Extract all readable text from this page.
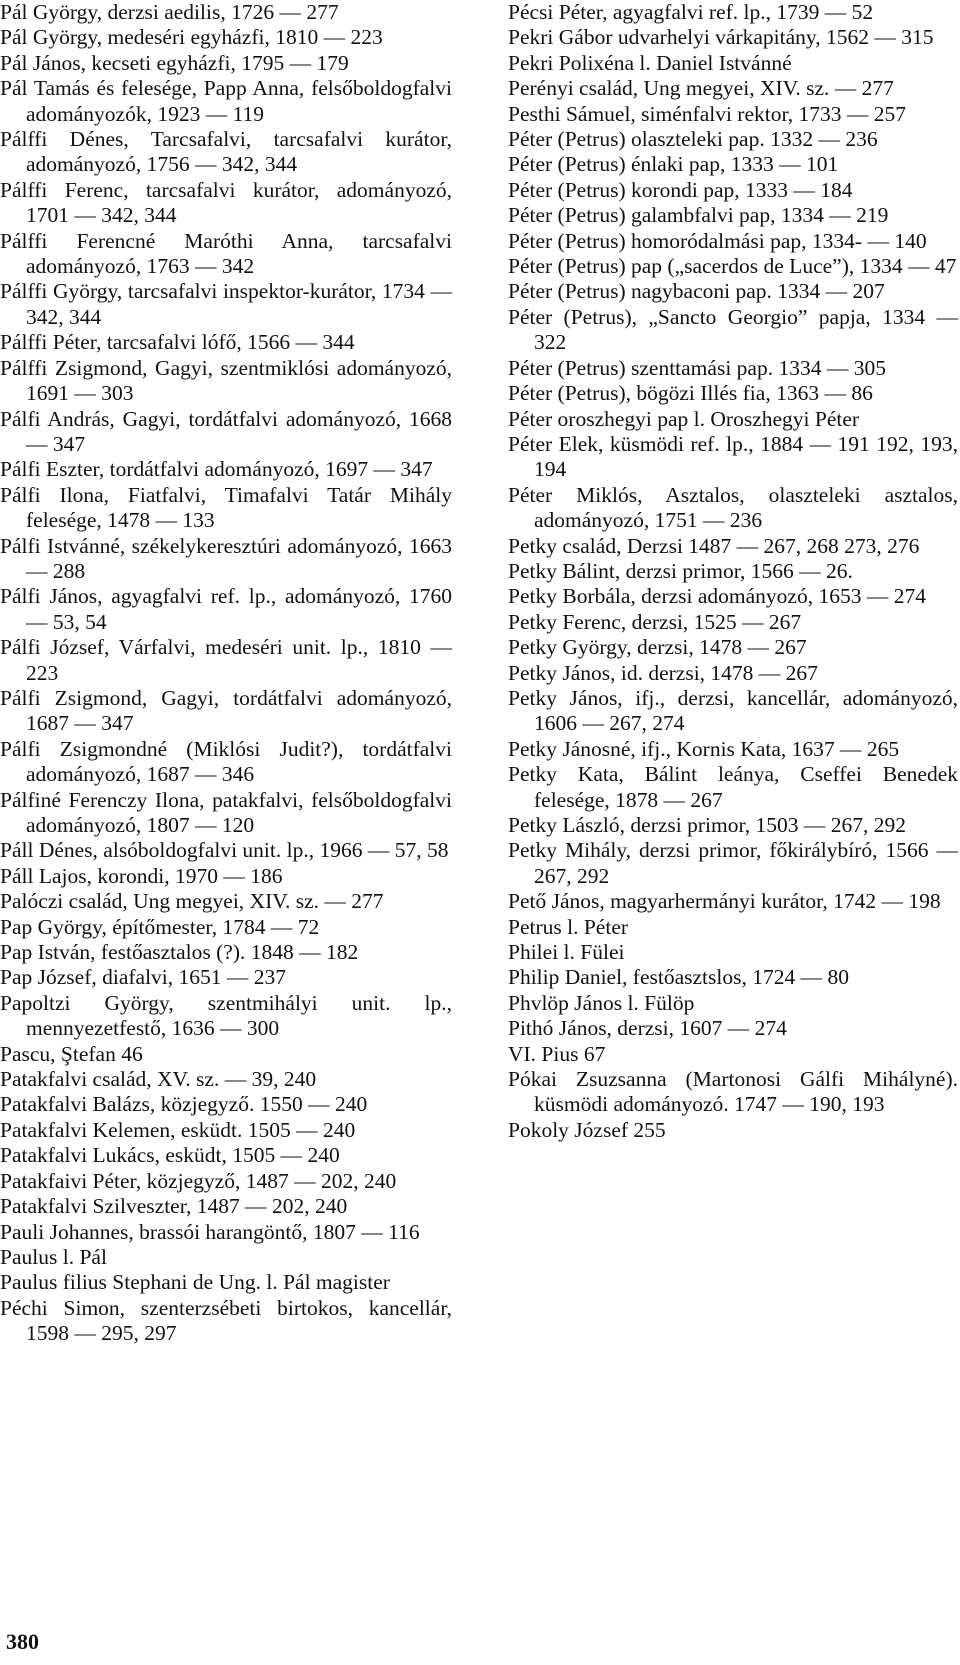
Pál György, derzsi aedilis, 1726 — 277

Pál György, medeséri egyházfi, 1810 — 223

Pál János, kecseti egyházfi, 1795 — 179

Pál Tamás és felesége, Papp Anna, felsőboldogfalvi adományozók, 1923 — 119

Pálffi Dénes, Tarcsafalvi, tarcsafalvi kurátor, adományozó, 1756 — 342, 344

Pálffi Ferenc, tarcsafalvi kurátor, adományozó, 1701 — 342, 344

Pálffi Ferencné Maróthi Anna, tarcsafalvi adományozó, 1763 — 342

Pálffi György, tarcsafalvi inspektor-kurátor, 1734 — 342, 344

Pálffi Péter, tarcsafalvi lófő, 1566 — 344

Pálffi Zsigmond, Gagyi, szentmiklósi adományozó, 1691 — 303

Pálfi András, Gagyi, tordátfalvi adományozó, 1668 — 347

Pálfi Eszter, tordátfalvi adományozó, 1697 — 347

Pálfi Ilona, Fiatfalvi, Timafalvi Tatár Mihály felesége, 1478 — 133

Pálfi Istvánné, székelykeresztúri adományozó, 1663 — 288

Pálfi János, agyagfalvi ref. lp., adományozó, 1760 — 53, 54

Pálfi József, Várfalvi, medeséri unit. lp., 1810 — 223

Pálfi Zsigmond, Gagyi, tordátfalvi adományozó, 1687 — 347

Pálfi Zsigmondné (Miklósi Judit?), tordátfalvi adományozó, 1687 — 346

Pálfiné Ferenczy Ilona, patakfalvi, felsőboldogfalvi adományozó, 1807 — 120

Páll Dénes, alsóboldogfalvi unit. lp., 1966 — 57, 58

Páll Lajos, korondi, 1970 — 186

Palóczi család, Ung megyei, XIV. sz. — 277

Pap György, építőmester, 1784 — 72

Pap István, festőasztalos (?). 1848 — 182

Pap József, diafalvi, 1651 — 237

Papoltzi György, szentmihályi unit. lp., mennyezetfestő, 1636 — 300

Pascu, Ştefan 46

Patakfalvi család, XV. sz. — 39, 240

Patakfalvi Balázs, közjegyző. 1550 — 240

Patakfalvi Kelemen, esküdt. 1505 — 240

Patakfalvi Lukács, esküdt, 1505 — 240

Patakfaivi Péter, közjegyző, 1487 — 202, 240

Patakfalvi Szilveszter, 1487 — 202, 240

Pauli Johannes, brassói harangöntő, 1807 — 116

Paulus l. Pál

Paulus filius Stephani de Ung. l. Pál magister

Péchi Simon, szenterzsébeti birtokos, kancellár, 1598 — 295, 297

Pécsi Péter, agyagfalvi ref. lp., 1739 — 52

Pekri Gábor udvarhelyi várkapitány, 1562 — 315

Pekri Polixéna l. Daniel Istvánné

Perényi család, Ung megyei, XIV. sz. — 277

Pesthi Sámuel, siménfalvi rektor, 1733 — 257

Péter (Petrus) olaszteleki pap. 1332 — 236

Péter (Petrus) énlaki pap, 1333 — 101

Péter (Petrus) korondi pap, 1333 — 184

Péter (Petrus) galambfalvi pap, 1334 — 219

Péter (Petrus) homoródalmási pap, 1334- — 140

Péter (Petrus) pap („sacerdos de Luce”), 1334 — 47

Péter (Petrus) nagybaconi pap. 1334 — 207

Péter (Petrus), „Sancto Georgio” papja, 1334 — 322

Péter (Petrus) szenttamási pap. 1334 — 305

Péter (Petrus), bögözi Illés fia, 1363 — 86

Péter oroszhegyi pap l. Oroszhegyi Péter

Péter Elek, küsmödi ref. lp., 1884 — 191 192, 193, 194

Péter Miklós, Asztalos, olaszteleki asztalos, adományozó, 1751 — 236

Petky család, Derzsi 1487 — 267, 268 273, 276

Petky Bálint, derzsi primor, 1566 — 26.

Petky Borbála, derzsi adományozó, 1653 — 274

Petky Ferenc, derzsi, 1525 — 267

Petky György, derzsi, 1478 — 267

Petky János, id. derzsi, 1478 — 267

Petky János, ifj., derzsi, kancellár, adományozó, 1606 — 267, 274

Petky Jánosné, ifj., Kornis Kata, 1637 — 265

Petky Kata, Bálint leánya, Cseffei Benedek felesége, 1878 — 267

Petky László, derzsi primor, 1503 — 267, 292

Petky Mihály, derzsi primor, főkirálybíró, 1566 — 267, 292

Pető János, magyarhermányi kurátor, 1742 — 198

Petrus l. Péter

Philei l. Fülei

Philip Daniel, festőasztslos, 1724 — 80

Phvlöp János l. Fülöp

Pithó János, derzsi, 1607 — 274

VI. Pius 67

Pókai Zsuzsanna (Martonosi Gálfi Mihályné). küsmödi adományozó. 1747 — 190, 193

Pokoly József 255

380
